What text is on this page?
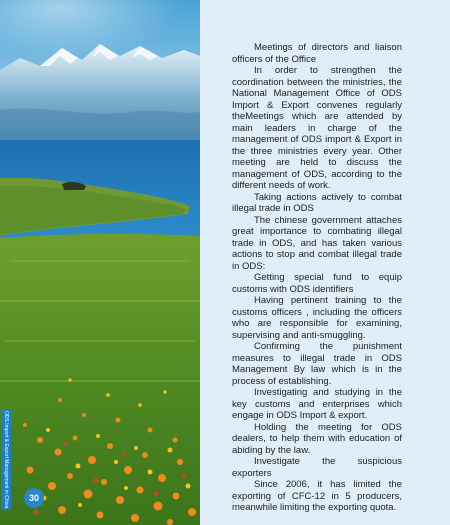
ODS Import & Export Management in China	30

Meetings of directors and liaison officers of the Office

In order to strengthen the coordination between the ministries, the National Management Office of ODS Import & Export convenes regularly theMeetings which are attended by main leaders in charge of the management of ODS import & Export in the three ministries every year. Other meeting are held to discuss the management of ODS, according to the different needs of work.

Taking actions actively to combat illegal trade in ODS

The chinese government attaches great importance to combating illegal trade in ODS, and has taken various actions to stop and combat illegal trade in ODS:

Getting special fund to equip customs with ODS identifiers

Having pertinent training to the customs officers , including the officers who are responsible for examining, supervising and anti-smuggling.

Confirming the punishment measures to illegal trade in ODS Management By law which is in the process of establishing.

Investigating and studying in the key customs and enterprises which engage in ODS Import & export.

Holding the meeting for ODS dealers, to help them with education of abiding by the law.

Investigate the suspicious exporters

Since 2006, it has limited the exporting of CFC-12 in 5 producers, meanwhile limiting the exporting quota.
